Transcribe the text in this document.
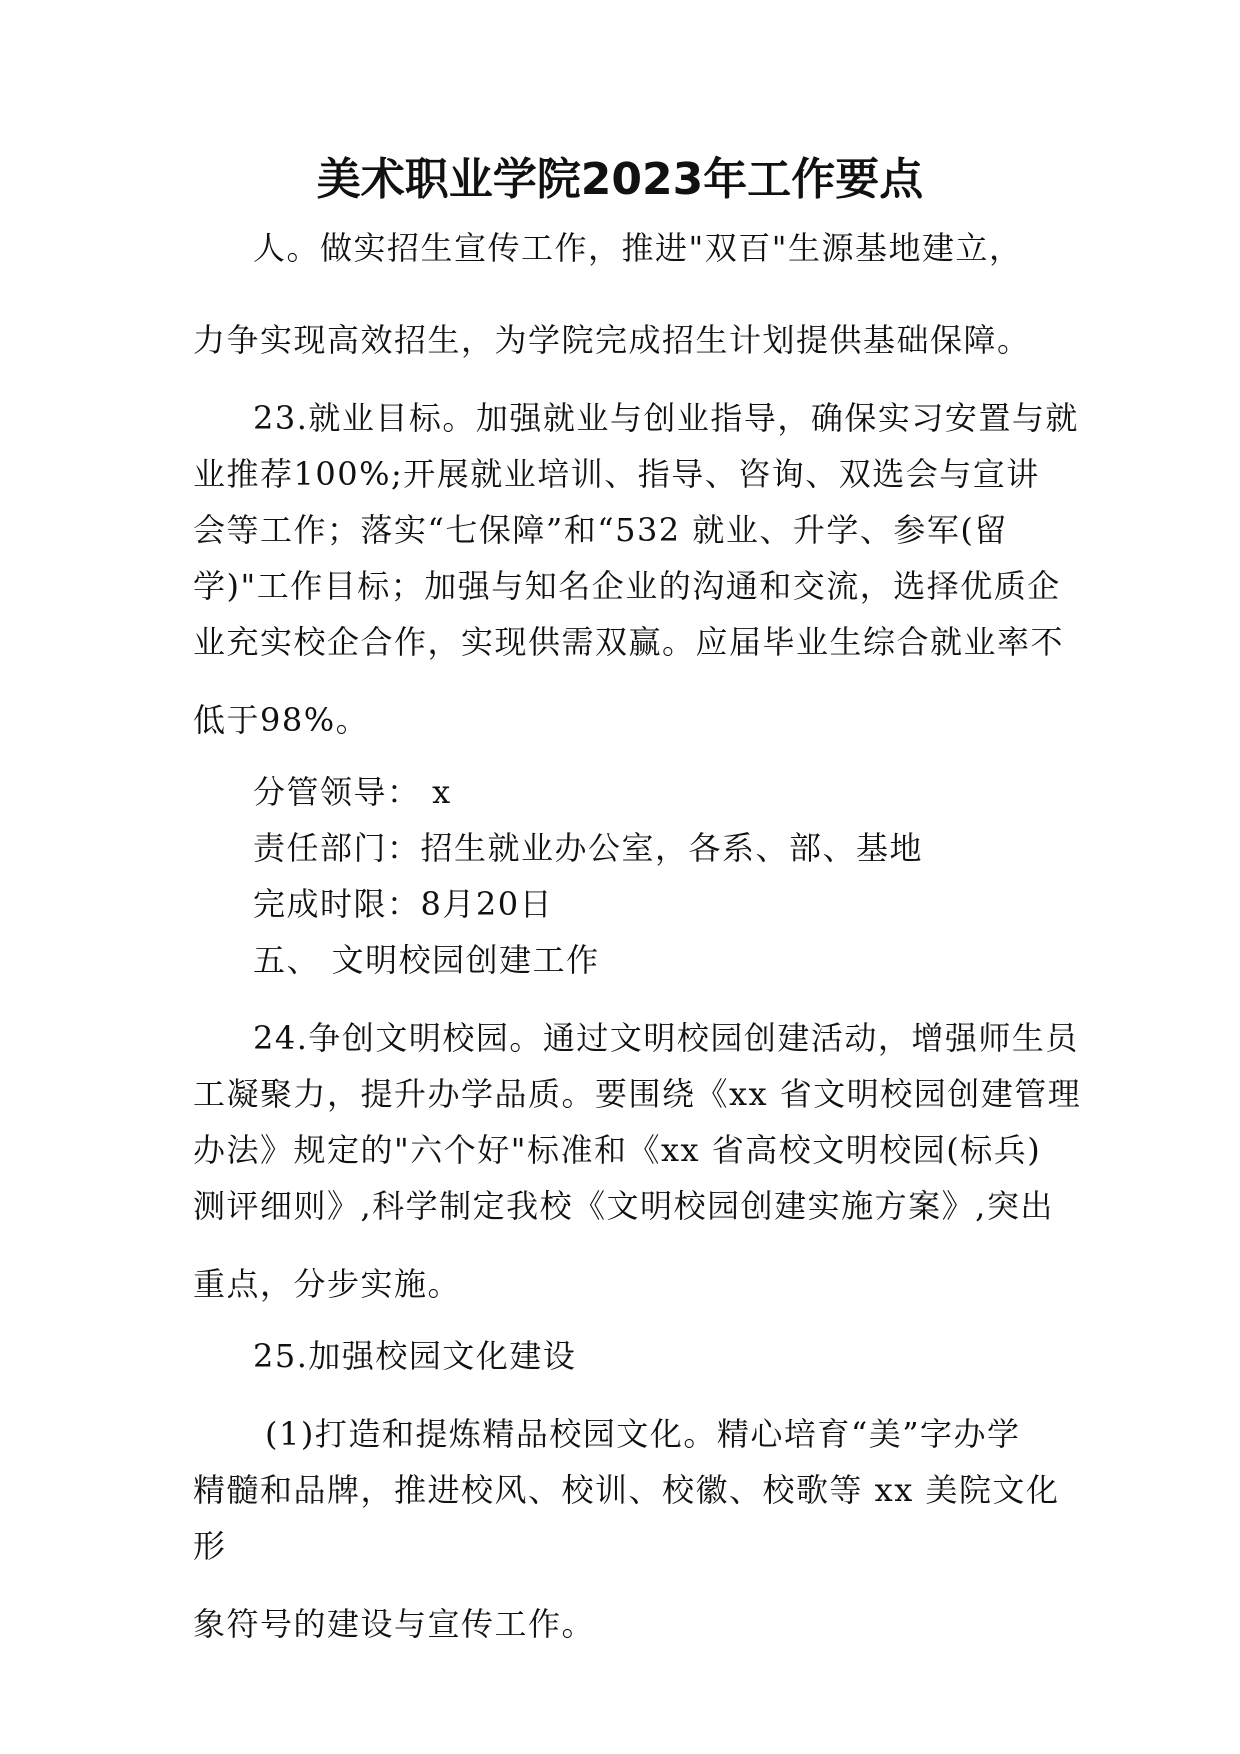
美术职业学院2023年工作要点
人。做实招生宣传工作，推进"双百"生源基地建立，
力争实现高效招生，为学院完成招生计划提供基础保障。
23.就业目标。加强就业与创业指导，确保实习安置与就
业推荐100%;开展就业培训、指导、咨询、双选会与宣讲
会等工作；落实“七保障”和“532 就业、升学、参军(留
学)"工作目标；加强与知名企业的沟通和交流，选择优质企
业充实校企合作，实现供需双赢。应届毕业生综合就业率不
低于98%。
分管领导： x
责任部门：招生就业办公室，各系、部、基地
完成时限：8月20日
五、 文明校园创建工作
24.争创文明校园。通过文明校园创建活动，增强师生员
工凝聚力，提升办学品质。要围绕《xx 省文明校园创建管理
办法》规定的"六个好"标准和《xx 省高校文明校园(标兵)
测评细则》,科学制定我校《文明校园创建实施方案》,突出
重点，分步实施。
25.加强校园文化建设
(1)打造和提炼精品校园文化。精心培育“美”字办学
精髓和品牌，推进校风、校训、校徽、校歌等 xx 美院文化
形
象符号的建设与宣传工作。
